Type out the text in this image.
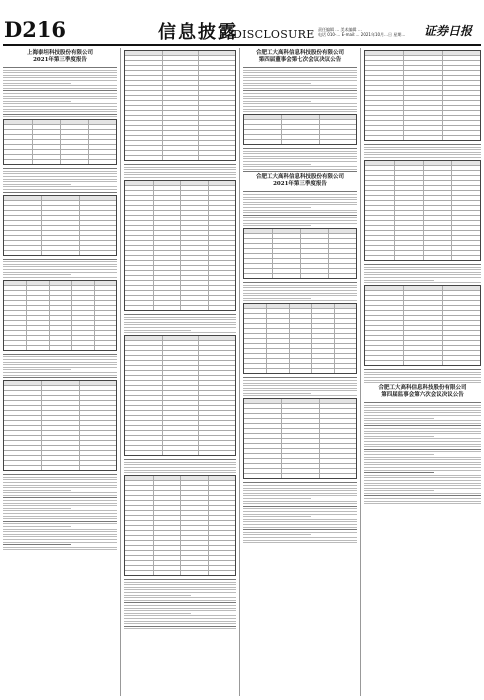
D216	信息披露
DISCLOSURE 责任编辑 … 美术编辑 …
电话 010-… E-mail:… 2021年10月…日 星期… 证券日报
上海泰坦科技股份有限公司
2021年第三季度报告
合肥工大高科信息科技股份有限公司
第四届董事会第七次会议决议公告
合肥工大高科信息科技股份有限公司
2021年第三季度报告
合肥工大高科信息科技股份有限公司
第四届监事会第六次会议决议公告
